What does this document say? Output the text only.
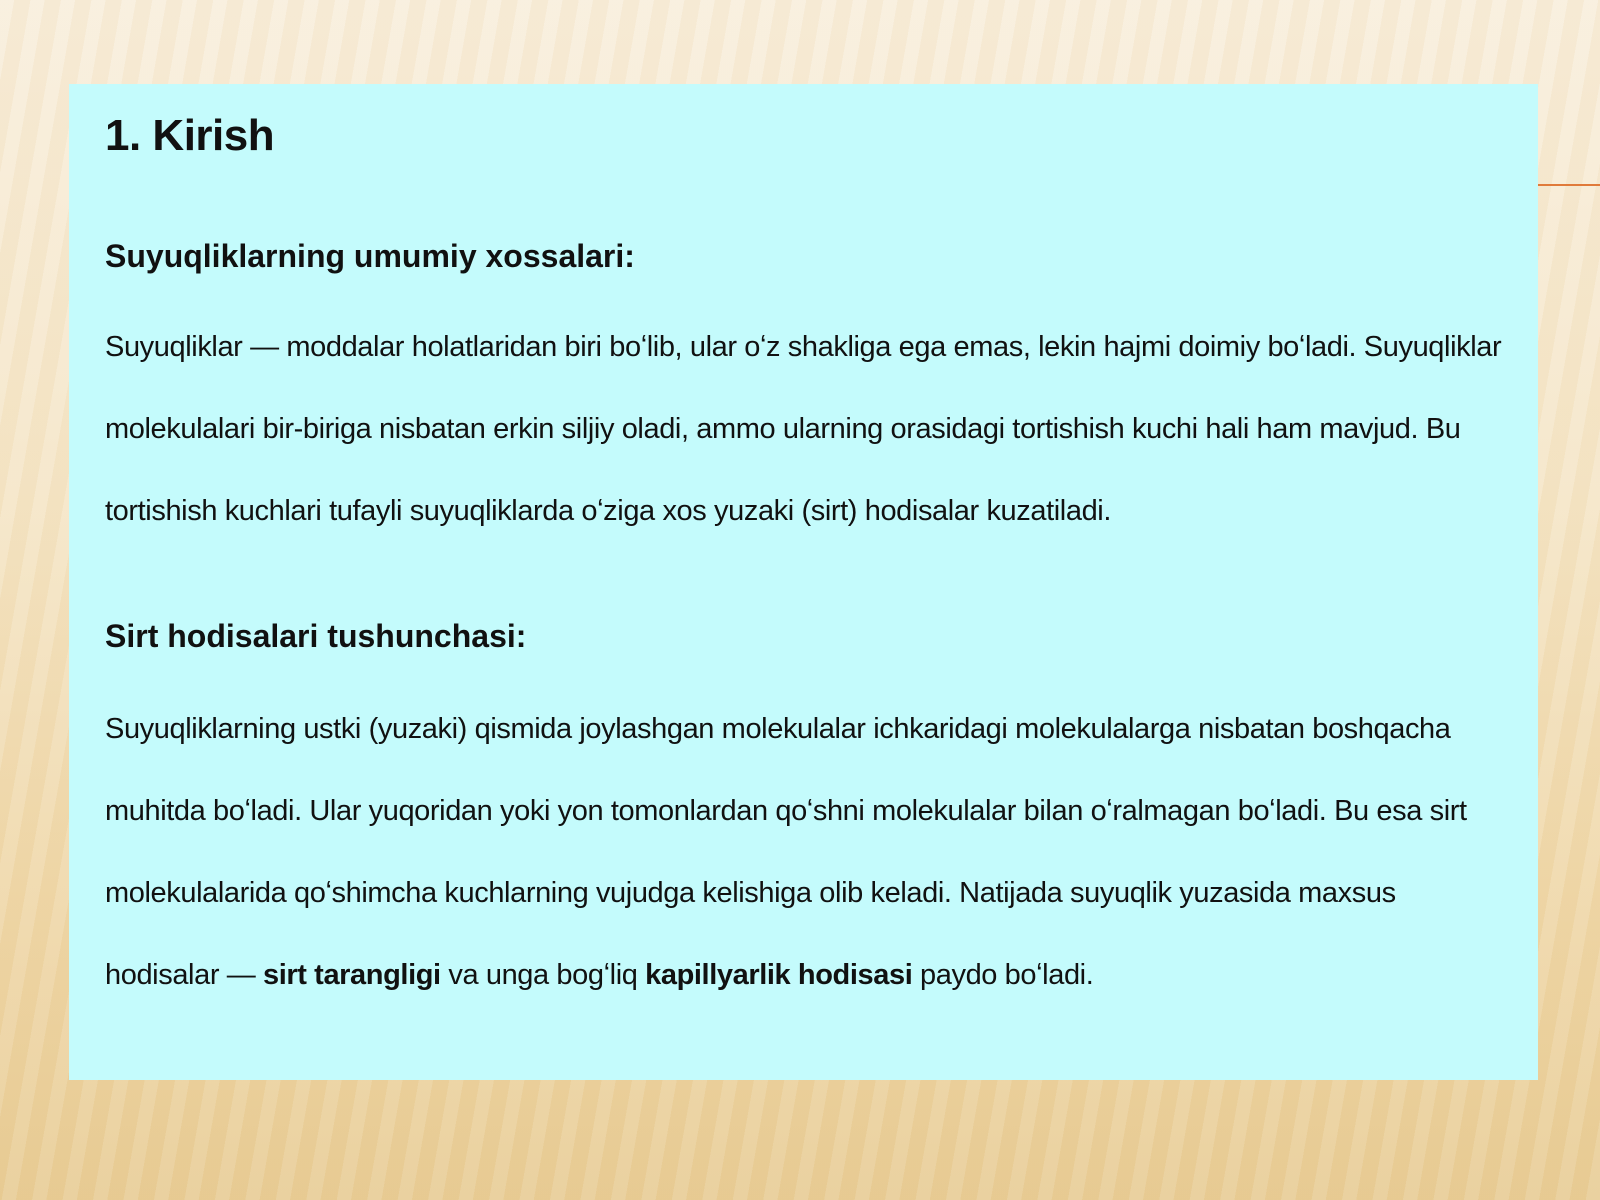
1. Kirish
Suyuqliklarning umumiy xossalari:

Suyuqliklar — moddalar holatlaridan biri boʻlib, ular oʻz shakliga ega emas, lekin hajmi doimiy boʻladi. Suyuqliklar molekulalari bir-biriga nisbatan erkin siljiy oladi, ammo ularning orasidagi tortishish kuchi hali ham mavjud. Bu tortishish kuchlari tufayli suyuqliklarda oʻziga xos yuzaki (sirt) hodisalar kuzatiladi.

Sirt hodisalari tushunchasi:

Suyuqliklarning ustki (yuzaki) qismida joylashgan molekulalar ichkaridagi molekulalarga nisbatan boshqacha muhitda boʻladi. Ular yuqoridan yoki yon tomonlardan qoʻshni molekulalar bilan oʻralmagan boʻladi. Bu esa sirt molekulalarida qoʻshimcha kuchlarning vujudga kelishiga olib keladi. Natijada suyuqlik yuzasida maxsus hodisalar — sirt tarangligi va unga bogʻliq kapillyarlik hodisasi paydo boʻladi.
